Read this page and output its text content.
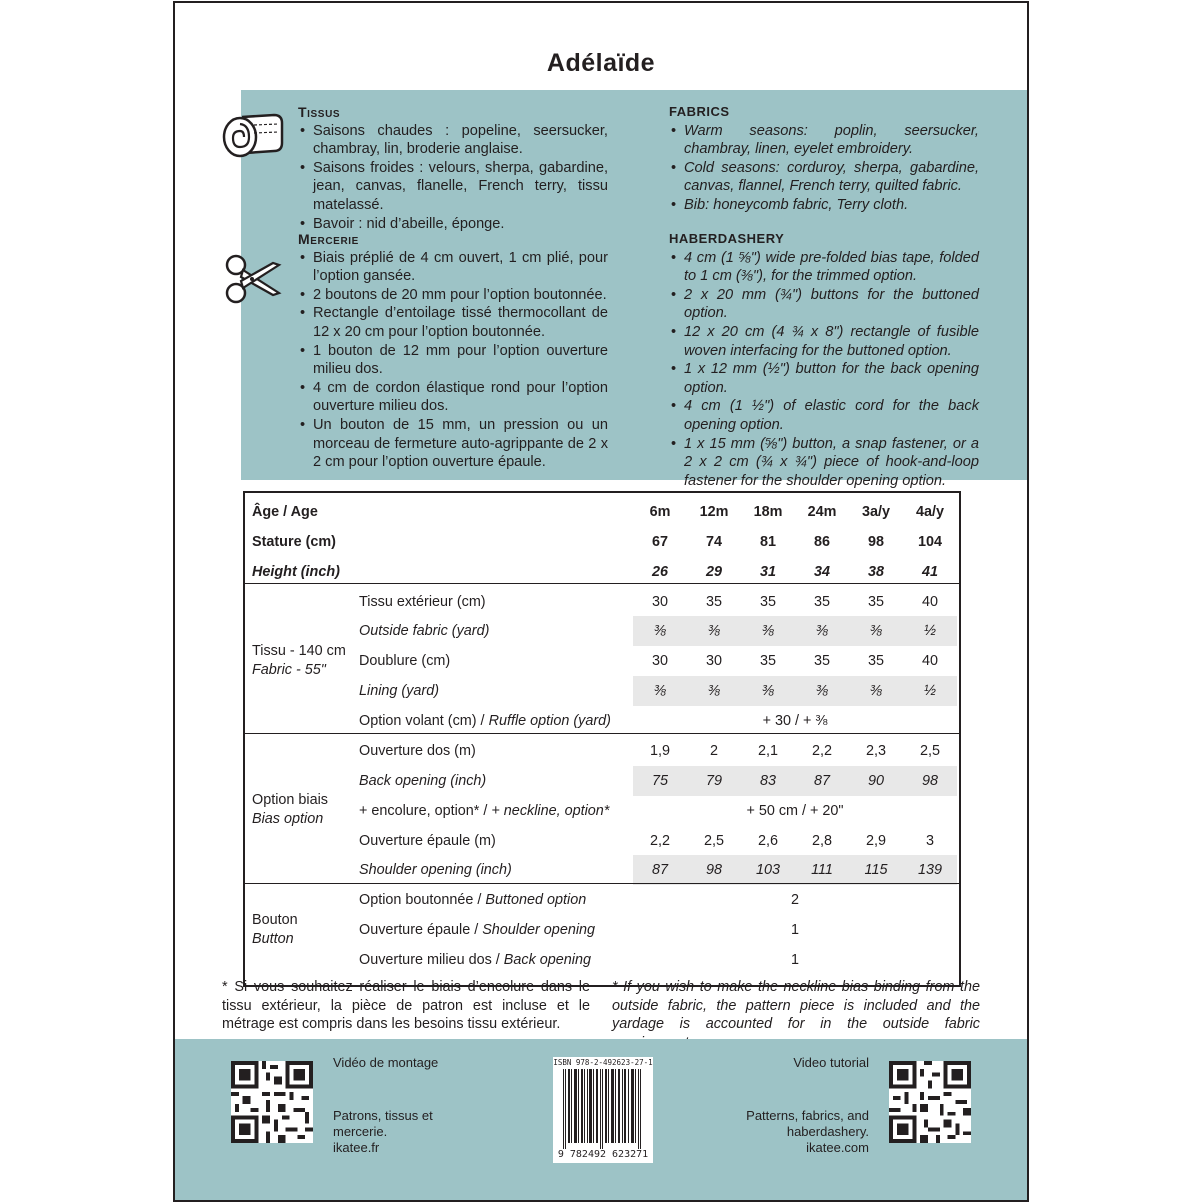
Adélaïde
Tissus
• Saisons chaudes : popeline, seersucker, chambray, lin, broderie anglaise.
• Saisons froides : velours, sherpa, gabardine, jean, canvas, flanelle, French terry, tissu matelassé.
• Bavoir : nid d’abeille, éponge.
FABRICS
• Warm seasons: poplin, seersucker, chambray, linen, eyelet embroidery.
• Cold seasons: corduroy, sherpa, gabardine, canvas, flannel, French terry, quilted fabric.
• Bib: honeycomb fabric, Terry cloth.
Mercerie
• Biais préplié de 4 cm ouvert, 1 cm plié, pour l’option gansée.
• 2 boutons de 20 mm pour l’option boutonnée.
• Rectangle d’entoilage tissé thermocollant de 12 x 20 cm pour l’option boutonnée.
• 1 bouton de 12 mm pour l’option ouverture milieu dos.
• 4 cm de cordon élastique rond pour l’option ouverture milieu dos.
• Un bouton de 15 mm, un pression ou un morceau de fermeture auto-agrippante de 2 x 2 cm pour l’option ouverture épaule.
HABERDASHERY
• 4 cm (1 ⅝") wide pre-folded bias tape, folded to 1 cm (⅜"), for the trimmed option.
• 2 x 20 mm (¾") buttons for the buttoned option.
• 12 x 20 cm (4 ¾ x 8") rectangle of fusible woven interfacing for the buttoned option.
• 1 x 12 mm (½") button for the back opening option.
• 4 cm (1 ½") of elastic cord for the back opening option.
• 1 x 15 mm (⅝") button, a snap fastener, or a 2 x 2 cm (¾ x ¾") piece of hook-and-loop fastener for the shoulder opening option.
Âge / Age	6m	12m	18m	24m	3a/y	4a/y
Stature (cm)	67	74	81	86	98	104
Height (inch)	26	29	31	34	38	41
Tissu - 140 cm
Fabric - 55"
Tissu extérieur (cm)	30	35	35	35	35	40
Outside fabric (yard)	⅜	⅜	⅜	⅜	⅜	½
Doublure (cm)	30	30	35	35	35	40
Lining (yard)	⅜	⅜	⅜	⅜	⅜	½
Option volant (cm) / Ruffle option (yard)	+ 30 / + ⅜
Option biais
Bias option
Ouverture dos (m)	1,9	2	2,1	2,2	2,3	2,5
Back opening (inch)	75	79	83	87	90	98
+ encolure, option* / + neckline, option*	+ 50 cm / + 20"
Ouverture épaule (m)	2,2	2,5	2,6	2,8	2,9	3
Shoulder opening (inch)	87	98	103	111	115	139
Bouton
Button
Option boutonnée / Buttoned option	2
Ouverture épaule / Shoulder opening	1
Ouverture milieu dos / Back opening	1
* Si vous souhaitez réaliser le biais d’encolure dans le tissu extérieur, la pièce de patron est incluse et le métrage est compris dans les besoins tissu extérieur.
* If you wish to make the neckline bias binding from the outside fabric, the pattern piece is included and the yardage is accounted for in the outside fabric
Vidéo de montage
Patrons, tissus et mercerie.
ikatee.fr
ISBN 978-2-492623-27-1
9 782492 623271
Video tutorial
Patterns, fabrics, and haberdashery.
ikatee.com
